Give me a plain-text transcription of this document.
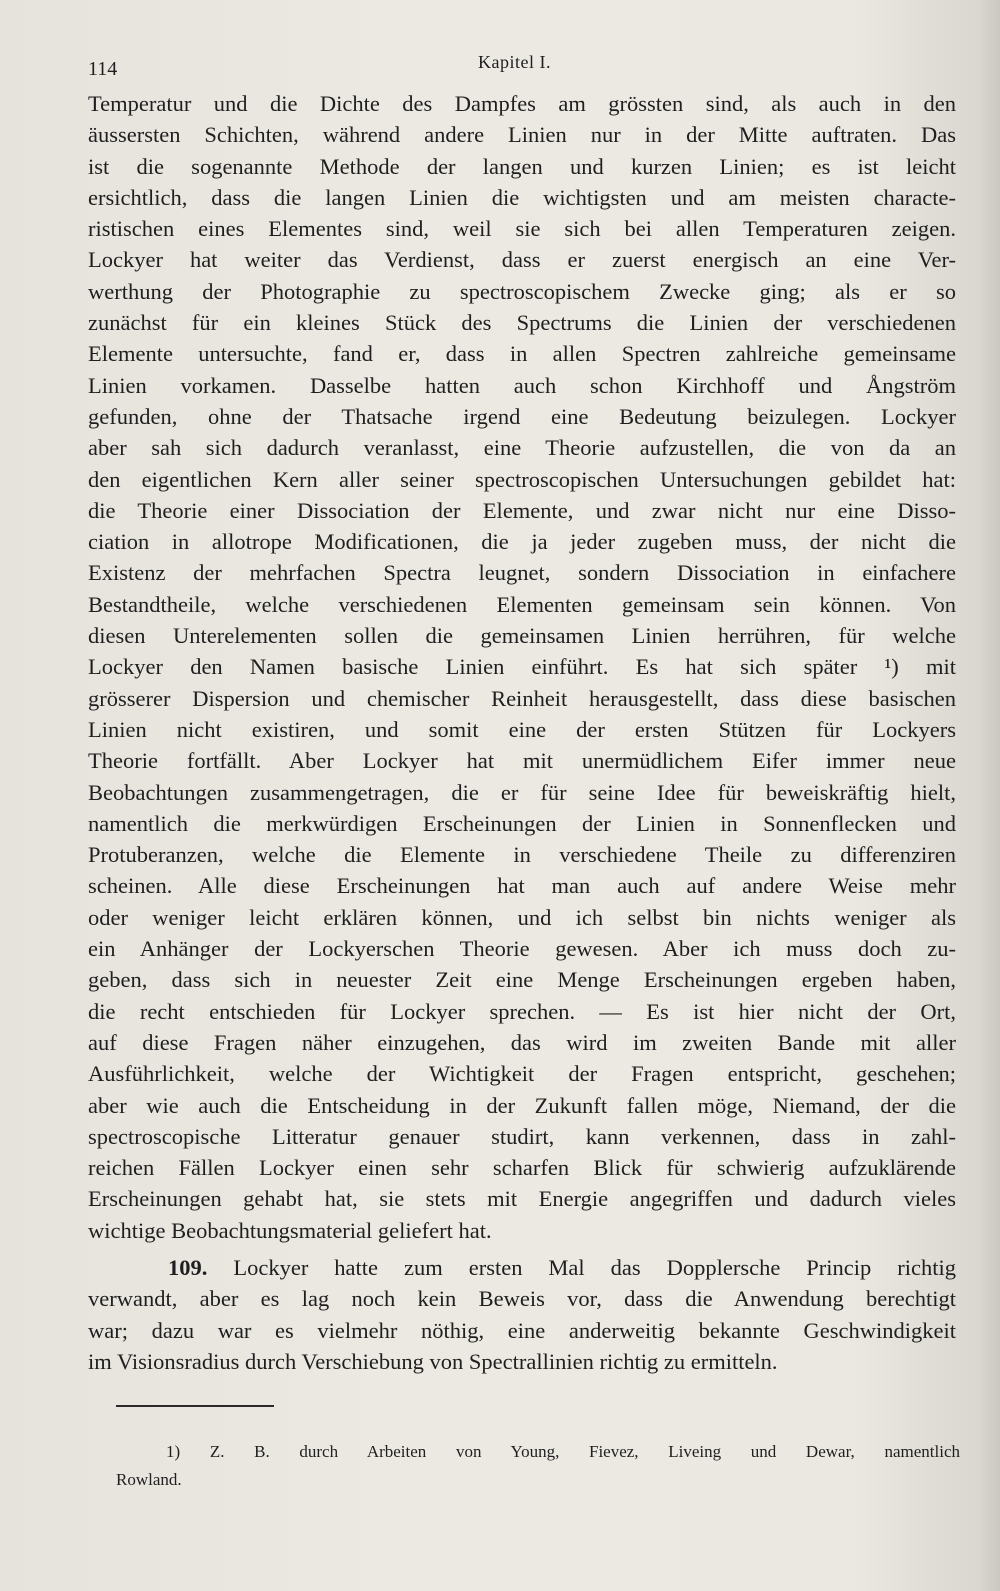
114	Kapitel I.
Temperatur und die Dichte des Dampfes am grössten sind, als auch in den
äussersten Schichten, während andere Linien nur in der Mitte auftraten. Das
ist die sogenannte Methode der langen und kurzen Linien; es ist leicht
ersichtlich, dass die langen Linien die wichtigsten und am meisten characte-
ristischen eines Elementes sind, weil sie sich bei allen Temperaturen zeigen.
Lockyer hat weiter das Verdienst, dass er zuerst energisch an eine Ver-
werthung der Photographie zu spectroscopischem Zwecke ging; als er so
zunächst für ein kleines Stück des Spectrums die Linien der verschiedenen
Elemente untersuchte, fand er, dass in allen Spectren zahlreiche gemeinsame
Linien vorkamen. Dasselbe hatten auch schon Kirchhoff und Ångström
gefunden, ohne der Thatsache irgend eine Bedeutung beizulegen. Lockyer
aber sah sich dadurch veranlasst, eine Theorie aufzustellen, die von da an
den eigentlichen Kern aller seiner spectroscopischen Untersuchungen gebildet hat:
die Theorie einer Dissociation der Elemente, und zwar nicht nur eine Disso-
ciation in allotrope Modificationen, die ja jeder zugeben muss, der nicht die
Existenz der mehrfachen Spectra leugnet, sondern Dissociation in einfachere
Bestandtheile, welche verschiedenen Elementen gemeinsam sein können. Von
diesen Unterelementen sollen die gemeinsamen Linien herrühren, für welche
Lockyer den Namen basische Linien einführt. Es hat sich später ¹) mit
grösserer Dispersion und chemischer Reinheit herausgestellt, dass diese basischen
Linien nicht existiren, und somit eine der ersten Stützen für Lockyers
Theorie fortfällt. Aber Lockyer hat mit unermüdlichem Eifer immer neue
Beobachtungen zusammengetragen, die er für seine Idee für beweiskräftig hielt,
namentlich die merkwürdigen Erscheinungen der Linien in Sonnenflecken und
Protuberanzen, welche die Elemente in verschiedene Theile zu differenziren
scheinen. Alle diese Erscheinungen hat man auch auf andere Weise mehr
oder weniger leicht erklären können, und ich selbst bin nichts weniger als
ein Anhänger der Lockyerschen Theorie gewesen. Aber ich muss doch zu-
geben, dass sich in neuester Zeit eine Menge Erscheinungen ergeben haben,
die recht entschieden für Lockyer sprechen. — Es ist hier nicht der Ort,
auf diese Fragen näher einzugehen, das wird im zweiten Bande mit aller
Ausführlichkeit, welche der Wichtigkeit der Fragen entspricht, geschehen;
aber wie auch die Entscheidung in der Zukunft fallen möge, Niemand, der die
spectroscopische Litteratur genauer studirt, kann verkennen, dass in zahl-
reichen Fällen Lockyer einen sehr scharfen Blick für schwierig aufzuklärende
Erscheinungen gehabt hat, sie stets mit Energie angegriffen und dadurch vieles
wichtige Beobachtungsmaterial geliefert hat.
109. Lockyer hatte zum ersten Mal das Dopplersche Princip richtig
verwandt, aber es lag noch kein Beweis vor, dass die Anwendung berechtigt
war; dazu war es vielmehr nöthig, eine anderweitig bekannte Geschwindigkeit
im Visionsradius durch Verschiebung von Spectrallinien richtig zu ermitteln.
1) Z. B. durch Arbeiten von Young, Fievez, Liveing und Dewar, namentlich
Rowland.
